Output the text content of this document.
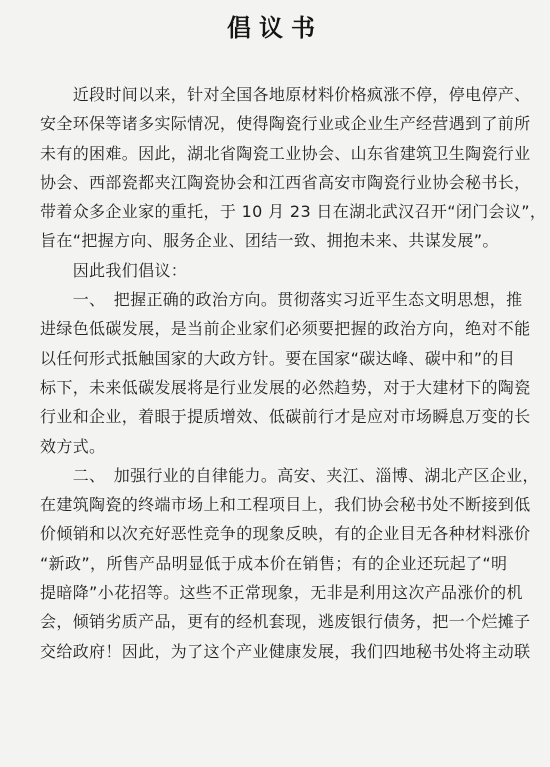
倡议书
　　近段时间以来，针对全国各地原材料价格疯涨不停，停电停产、
安全环保等诸多实际情况，使得陶瓷行业或企业生产经营遇到了前所
未有的困难。因此，湖北省陶瓷工业协会、山东省建筑卫生陶瓷行业
协会、西部瓷都夹江陶瓷协会和江西省高安市陶瓷行业协会秘书长，
带着众多企业家的重托，于 10 月 23 日在湖北武汉召开“闭门会议”，
旨在“把握方向、服务企业、团结一致、拥抱未来、共谋发展”。
　　因此我们倡议：
　　一、　把握正确的政治方向。贯彻落实习近平生态文明思想，推
进绿色低碳发展，是当前企业家们必须要把握的政治方向，绝对不能
以任何形式抵触国家的大政方针。要在国家“碳达峰、碳中和”的目
标下，未来低碳发展将是行业发展的必然趋势，对于大建材下的陶瓷
行业和企业，着眼于提质增效、低碳前行才是应对市场瞬息万变的长
效方式。
　　二、　加强行业的自律能力。高安、夹江、淄博、湖北产区企业，
在建筑陶瓷的终端市场上和工程项目上，我们协会秘书处不断接到低
价倾销和以次充好恶性竞争的现象反映，有的企业目无各种材料涨价
“新政”，所售产品明显低于成本价在销售；有的企业还玩起了“明
提暗降”小花招等。这些不正常现象，无非是利用这次产品涨价的机
会，倾销劣质产品，更有的经机套现，逃废银行债务，把一个烂摊子
交给政府！因此，为了这个产业健康发展，我们四地秘书处将主动联
